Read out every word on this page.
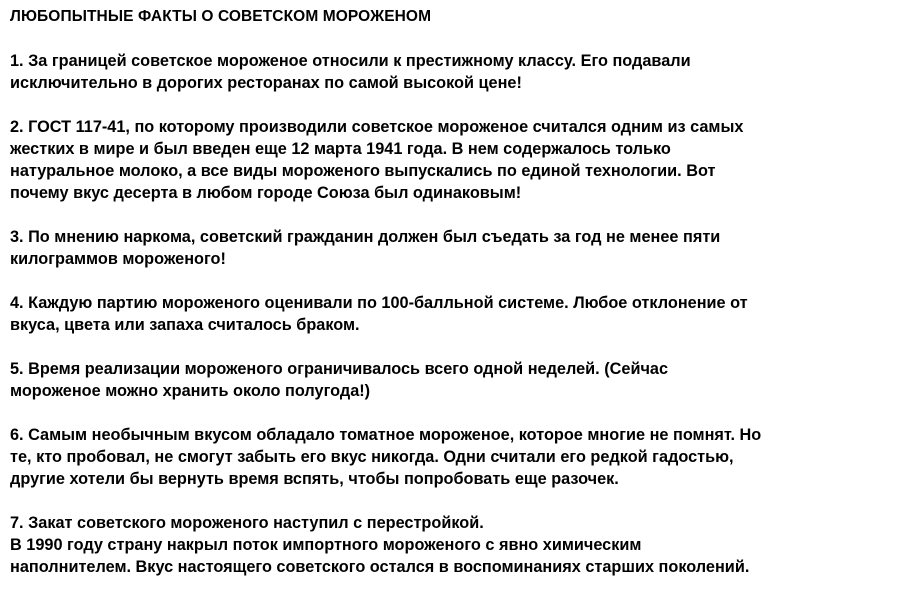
ЛЮБОПЫТНЫЕ ФАКТЫ О СОВЕТСКОМ МОРОЖЕНОМ
1. За границей советское мороженое относили к престижному классу. Его подавали
исключительно в дорогих ресторанах по самой высокой цене!
2. ГОСТ 117-41, по которому производили советское мороженое считался одним из самых
жестких в мире и был введен еще 12 марта 1941 года. В нем содержалось только
натуральное молоко, а все виды мороженого выпускались по единой технологии. Вот
почему вкус десерта в любом городе Союза был одинаковым!
3. По мнению наркома, советский гражданин должен был съедать за год не менее пяти
килограммов мороженого!
4. Каждую партию мороженого оценивали по 100-балльной системе. Любое отклонение от
вкуса, цвета или запаха считалось браком.
5. Время реализации мороженого ограничивалось всего одной неделей. (Сейчас
мороженое можно хранить около полугода!)
6. Самым необычным вкусом обладало томатное мороженое, которое многие не помнят. Но
те, кто пробовал, не смогут забыть его вкус никогда. Одни считали его редкой гадостью,
другие хотели бы вернуть время вспять, чтобы попробовать еще разочек.
7. Закат советского мороженого наступил с перестройкой.
В 1990 году страну накрыл поток импортного мороженого с явно химическим
наполнителем. Вкус настоящего советского остался в воспоминаниях старших поколений.
